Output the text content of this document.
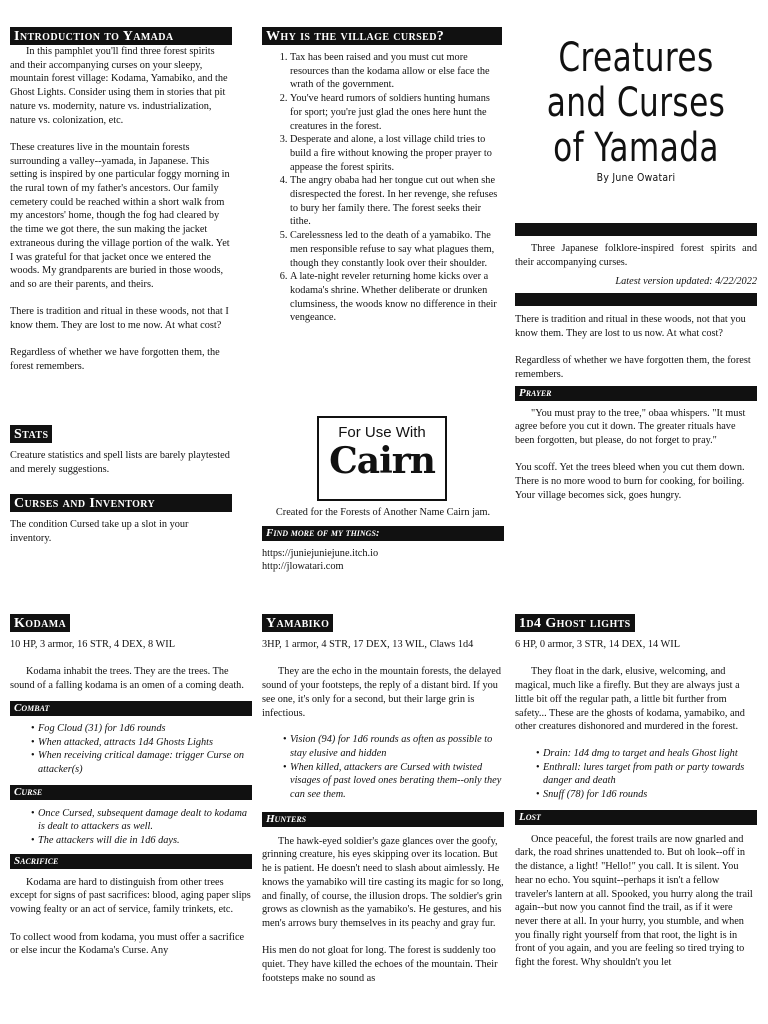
Introduction to Yamada

In this pamphlet you'll find three forest spirits and their accompanying curses on your sleepy, mountain forest village: Kodama, Yamabiko, and the Ghost Lights. Consider using them in stories that pit nature vs. modernity, nature vs. industrialization, nature vs. colonization, etc.

These creatures live in the mountain forests surrounding a valley--yamada, in Japanese. This setting is inspired by one particular foggy morning in the rural town of my father's ancestors. Our family cemetery could be reached within a short walk from my ancestors' home, though the fog had cleared by the time we got there, the sun making the jacket extraneous during the village portion of the walk. Yet I was grateful for that jacket once we entered the woods. My grandparents are buried in those woods, and so are their parents, and theirs.

There is tradition and ritual in these woods, not that I know them. They are lost to me now. At what cost?

Regardless of whether we have forgotten them, the forest remembers.

Stats

Creature statistics and spell lists are barely playtested and merely suggestions.

Curses and Inventory

The condition Cursed take up a slot in your inventory.

Why is the village cursed?
1. Tax has been raised and you must cut more resources than the kodama allow or else face the wrath of the government.
2. You've heard rumors of soldiers hunting humans for sport; you're just glad the ones here hunt the creatures in the forest.
3. Desperate and alone, a lost village child tries to build a fire without knowing the proper prayer to appease the forest spirits.
4. The angry obaba had her tongue cut out when she disrespected the forest. In her revenge, she refuses to bury her family there. The forest seeks their tithe.
5. Carelessness led to the death of a yamabiko. The men responsible refuse to say what plagues them, though they constantly look over their shoulder.
6. A late-night reveler returning home kicks over a kodama's shrine. Whether deliberate or drunken clumsiness, the woods know no difference in their vengeance.
For Use With
Cairn

Created for the Forests of Another Name Cairn jam.

Find more of my things:

https://juniejuniejune.itch.io

http://jlowatari.com

Creatures
and Curses
of Yamada
By June Owatari

Three Japanese folklore-inspired forest spirits and their accompanying curses.

Latest version updated: 4/22/2022

There is tradition and ritual in these woods, not that you know them. They are lost to us now. At what cost?

Regardless of whether we have forgotten them, the forest remembers.

Prayer

"You must pray to the tree," obaa whispers. "It must agree before you cut it down. The greater rituals have been forgotten, but please, do not forget to pray."

You scoff. Yet the trees bleed when you cut them down. There is no more wood to burn for cooking, for boiling. Your village becomes sick, goes hungry.

Kodama

10 HP, 3 armor, 16 STR, 4 DEX, 8 WIL

Kodama inhabit the trees. They are the trees. The sound of a falling kodama is an omen of a coming death.

Combat
• Fog Cloud (31) for 1d6 rounds
• When attacked, attracts 1d4 Ghosts Lights
• When receiving critical damage: trigger Curse on attacker(s)
Curse
• Once Cursed, subsequent damage dealt to kodama is dealt to attackers as well.
• The attackers will die in 1d6 days.
Sacrifice

Kodama are hard to distinguish from other trees except for signs of past sacrifices: blood, aging paper slips vowing fealty or an act of service, family trinkets, etc.

To collect wood from kodama, you must offer a sacrifice or else incur the Kodama's Curse. Any

Yamabiko

3HP, 1 armor, 4 STR, 17 DEX, 13 WIL, Claws 1d4

They are the echo in the mountain forests, the delayed sound of your footsteps, the reply of a distant bird. If you see one, it's only for a second, but their large grin is infectious.

• Vision (94) for 1d6 rounds as often as possible to stay elusive and hidden
• When killed, attackers are Cursed with twisted visages of past loved ones berating them--only they can see them.
Hunters

The hawk-eyed soldier's gaze glances over the goofy, grinning creature, his eyes skipping over its location. But he is patient. He doesn't need to slash about aimlessly. He knows the yamabiko will tire casting its magic for so long, and finally, of course, the illusion drops. The soldier's grin grows as clownish as the yamabiko's. He gestures, and his men's arrows bury themselves in its peachy and gray fur.

His men do not gloat for long. The forest is suddenly too quiet. They have killed the echoes of the mountain. Their footsteps make no sound as

1d4 Ghost lights

6 HP, 0 armor, 3 STR, 14 DEX, 14 WIL

They float in the dark, elusive, welcoming, and magical, much like a firefly. But they are always just a little bit off the regular path, a little bit further from safety... These are the ghosts of kodama, yamabiko, and other creatures dishonored and murdered in the forest.

• Drain: 1d4 dmg to target and heals Ghost light
• Enthrall: lures target from path or party towards danger and death
• Snuff (78) for 1d6 rounds
Lost

Once peaceful, the forest trails are now gnarled and dark, the road shrines unattended to. But oh look--off in the distance, a light! "Hello!" you call. It is silent. You hear no echo. You squint--perhaps it isn't a fellow traveler's lantern at all. Spooked, you hurry along the trail again--but now you cannot find the trail, as if it were never there at all. In your hurry, you stumble, and when you finally right yourself from that root, the light is in front of you again, and you are feeling so tired trying to fight the forest. Why shouldn't you let
